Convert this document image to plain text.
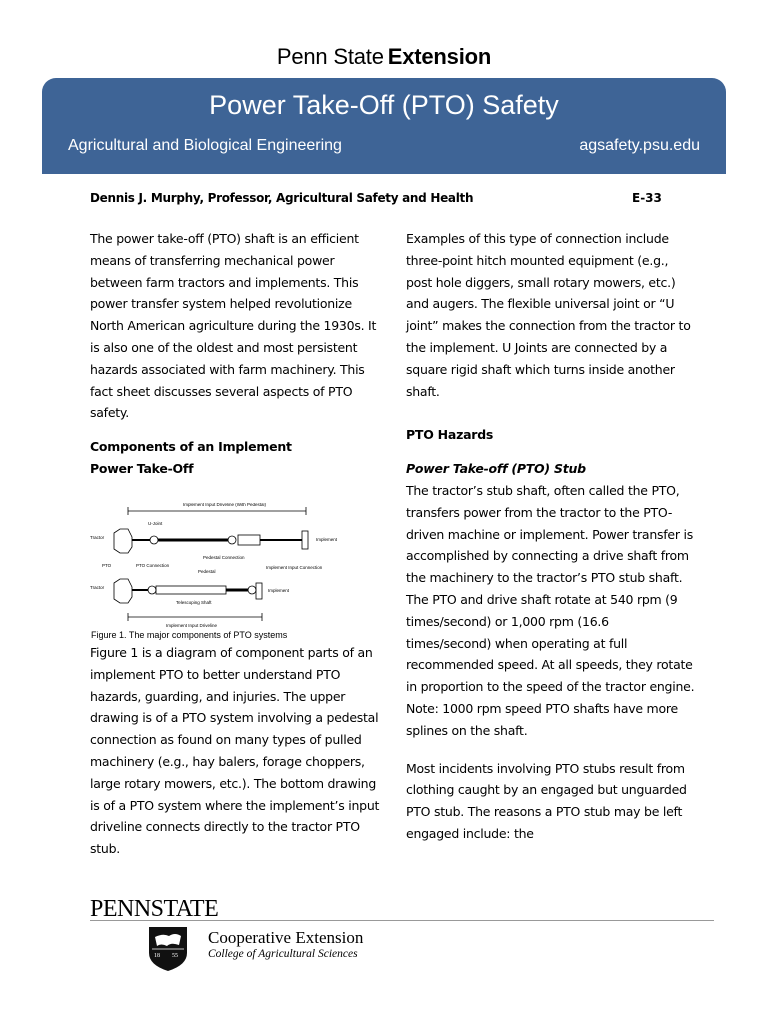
Penn State Extension
Power Take-Off (PTO) Safety
Agricultural and Biological Engineering	agsafety.psu.edu
Dennis J. Murphy, Professor, Agricultural Safety and Health	E-33

The power take-off (PTO) shaft is an efficient means of transferring mechanical power between farm tractors and implements. This power transfer system helped revolutionize North American agriculture during the 1930s. It is also one of the oldest and most persistent hazards associated with farm machinery. This fact sheet discusses several aspects of PTO safety.

Components of an Implement
Power Take-Off
Implement Input Driveline (With Pedestal)
U-Joint
Tractor	Implement
PTO	PTO Connection
Pedestal Connection
Pedestal
Implement Input Connection
Tractor
Telescoping Shaft
Implement
Implement Input Driveline
Figure 1. The major components of PTO systems

Figure 1 is a diagram of component parts of an implement PTO to better understand PTO hazards, guarding, and injuries. The upper drawing is of a PTO system involving a pedestal connection as found on many types of pulled machinery (e.g., hay balers, forage choppers, large rotary mowers, etc.). The bottom drawing is of a PTO system where the implement’s input driveline connects directly to the tractor PTO stub.

Examples of this type of connection include three-point hitch mounted equipment (e.g., post hole diggers, small rotary mowers, etc.) and augers. The flexible universal joint or “U joint” makes the connection from the tractor to the implement. U Joints are connected by a square rigid shaft which turns inside another shaft.

PTO Hazards
Power Take-off (PTO) Stub

The tractor’s stub shaft, often called the PTO, transfers power from the tractor to the PTO-driven machine or implement. Power transfer is accomplished by connecting a drive shaft from the machinery to the tractor’s PTO stub shaft. The PTO and drive shaft rotate at 540 rpm (9 times/second) or 1,000 rpm (16.6 times/second) when operating at full recommended speed. At all speeds, they rotate in proportion to the speed of the tractor engine. Note: 1000 rpm speed PTO shafts have more splines on the shaft.

Most incidents involving PTO stubs result from clothing caught by an engaged but unguarded PTO stub. The reasons a PTO stub may be left engaged include: the

PENNSTATE
18 55
Cooperative Extension
College of Agricultural Sciences
